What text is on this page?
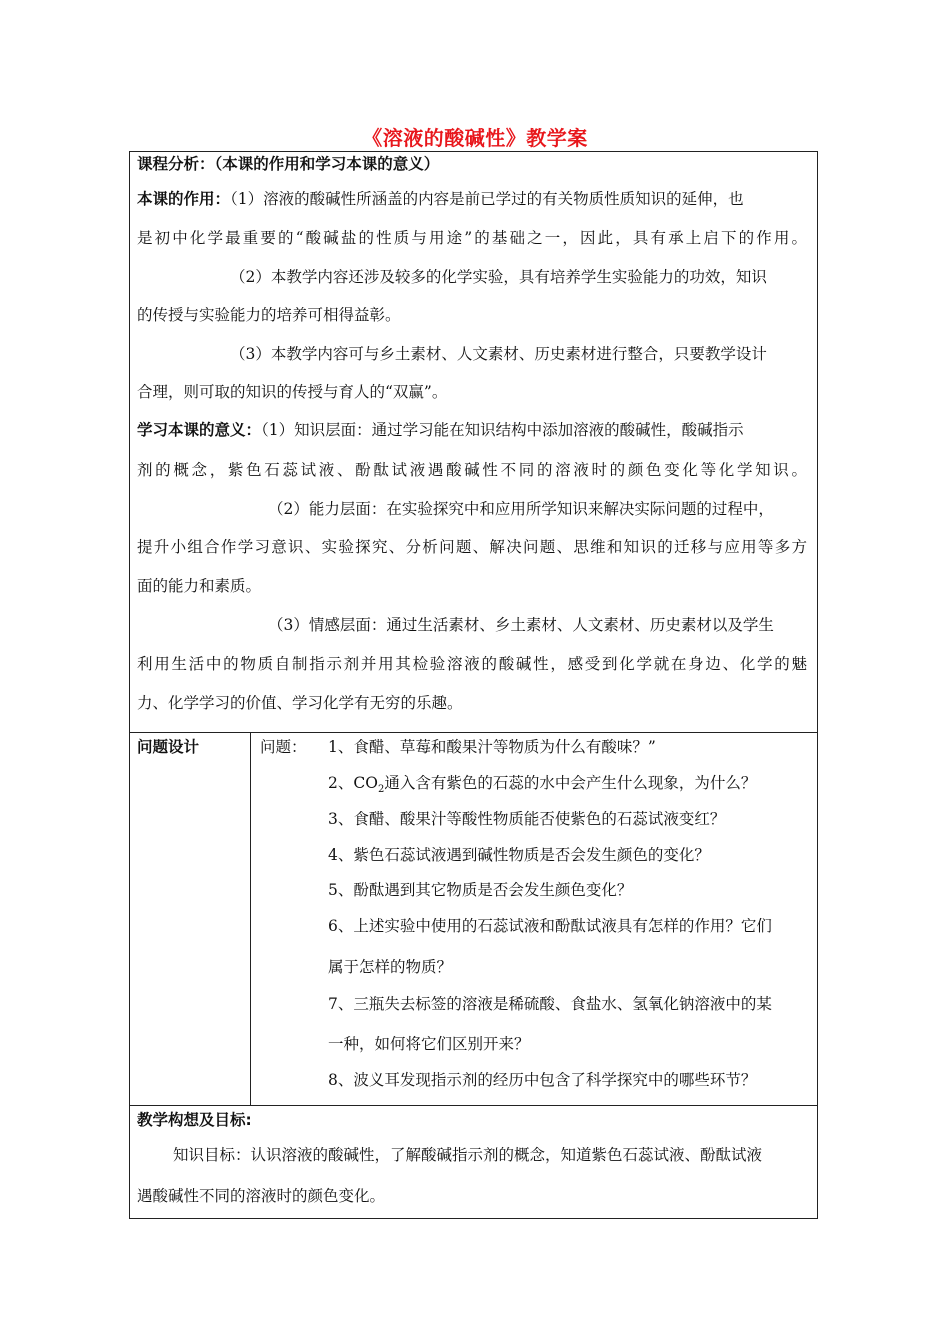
《溶液的酸碱性》教学案
课程分析：（本课的作用和学习本课的意义）
本课的作用：（1）溶液的酸碱性所涵盖的内容是前已学过的有关物质性质知识的延伸，也
是初中化学最重要的“酸碱盐的性质与用途”的基础之一，因此，具有承上启下的作用。
（2）本教学内容还涉及较多的化学实验，具有培养学生实验能力的功效，知识
的传授与实验能力的培养可相得益彰。
（3）本教学内容可与乡土素材、人文素材、历史素材进行整合，只要教学设计
合理，则可取的知识的传授与育人的“双赢”。
学习本课的意义：（1）知识层面：通过学习能在知识结构中添加溶液的酸碱性，酸碱指示
剂的概念，紫色石蕊试液、酚酞试液遇酸碱性不同的溶液时的颜色变化等化学知识。
（2）能力层面：在实验探究中和应用所学知识来解决实际问题的过程中，
提升小组合作学习意识、实验探究、分析问题、解决问题、思维和知识的迁移与应用等多方
面的能力和素质。
（3）情感层面：通过生活素材、乡土素材、人文素材、历史素材以及学生
利用生活中的物质自制指示剂并用其检验溶液的酸碱性，感受到化学就在身边、化学的魅
力、化学学习的价值、学习化学有无穷的乐趣。
问题设计	问题： 1、食醋、草莓和酸果汁等物质为什么有酸味？”
2、$CO_2$通入含有紫色的石蕊的水中会产生什么现象，为什么？
3、食醋、酸果汁等酸性物质能否使紫色的石蕊试液变红？
4、紫色石蕊试液遇到碱性物质是否会发生颜色的变化？
5、酚酞遇到其它物质是否会发生颜色变化？
6、上述实验中使用的石蕊试液和酚酞试液具有怎样的作用？它们
属于怎样的物质？
7、三瓶失去标签的溶液是稀硫酸、食盐水、氢氧化钠溶液中的某
一种，如何将它们区别开来？
8、波义耳发现指示剂的经历中包含了科学探究中的哪些环节？
教学构想及目标:
知识目标：认识溶液的酸碱性，了解酸碱指示剂的概念，知道紫色石蕊试液、酚酞试液
遇酸碱性不同的溶液时的颜色变化。
